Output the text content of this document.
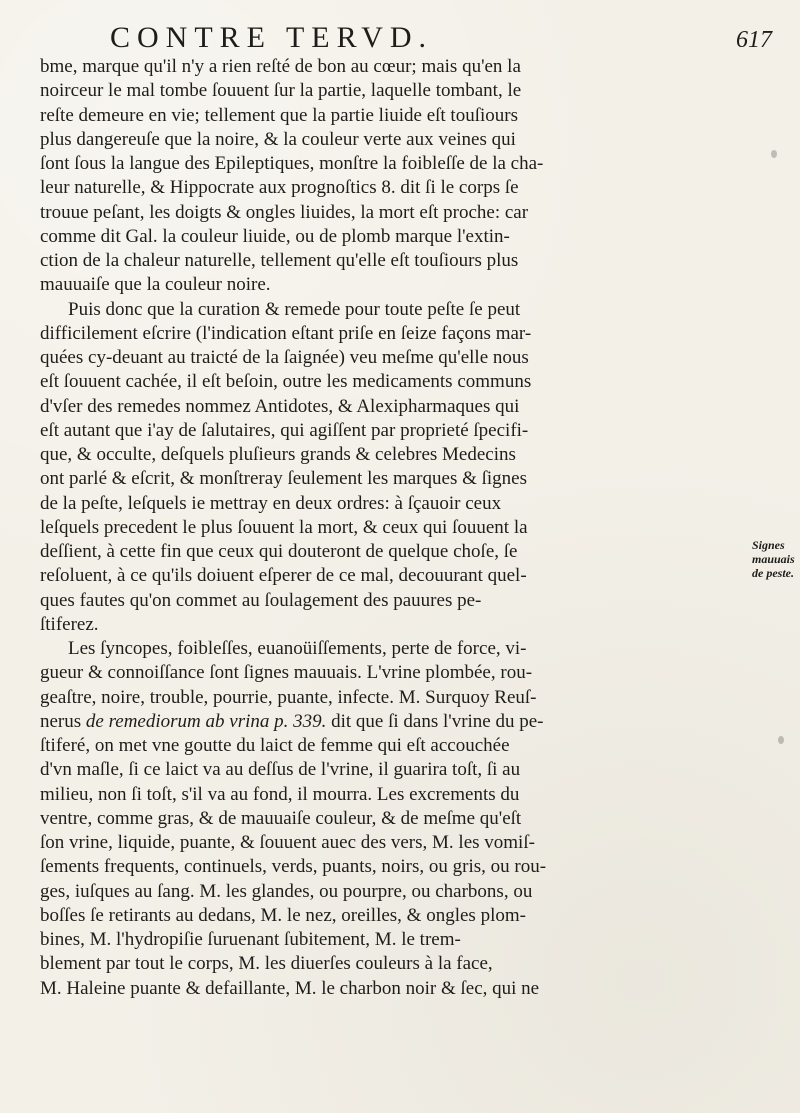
CONTRE TERVD.	617
bme, marque qu'il n'y a rien reſté de bon au cœur; mais qu'en la
noirceur le mal tombe ſouuent ſur la partie, laquelle tombant, le
reſte demeure en vie; tellement que la partie liuide eſt touſiours
plus dangereuſe que la noire, & la couleur verte aux veines qui
ſont ſous la langue des Epileptiques, monſtre la foibleſſe de la cha-
leur naturelle, & Hippocrate aux prognoſtics 8. dit ſi le corps ſe
trouue peſant, les doigts & ongles liuides, la mort eſt proche: car
comme dit Gal. la couleur liuide, ou de plomb marque l'extin-
ction de la chaleur naturelle, tellement qu'elle eſt touſiours plus
mauuaiſe que la couleur noire.
Puis donc que la curation & remede pour toute peſte ſe peut
difficilement eſcrire (l'indication eſtant priſe en ſeize façons mar-
quées cy-deuant au traicté de la ſaignée) veu meſme qu'elle nous
eſt ſouuent cachée, il eſt beſoin, outre les medicaments communs
d'vſer des remedes nommez Antidotes, & Alexipharmaques qui
eſt autant que i'ay de ſalutaires, qui agiſſent par proprieté ſpecifi-
que, & occulte, deſquels pluſieurs grands & celebres Medecins
ont parlé & eſcrit, & monſtreray ſeulement les marques & ſignes
de la peſte, leſquels ie mettray en deux ordres: à ſçauoir ceux
leſquels precedent le plus ſouuent la mort, & ceux qui ſouuent la
deſſient, à cette fin que ceux qui douteront de quelque choſe, ſe
reſoluent, à ce qu'ils doiuent eſperer de ce mal, decouurant quel-
ques fautes qu'on commet au ſoulagement des pauures pe-
ſtiferez.
Les ſyncopes, foibleſſes, euanoüiſſements, perte de force, vi-
gueur & connoiſſance ſont ſignes mauuais. L'vrine plombée, rou-
geaſtre, noire, trouble, pourrie, puante, infecte. M. Surquoy Reuſ-
nerus de remediorum ab vrina p. 339. dit que ſi dans l'vrine du pe-
ſtiferé, on met vne goutte du laict de femme qui eſt accouchée
d'vn maſle, ſi ce laict va au deſſus de l'vrine, il guarira toſt, ſi au
milieu, non ſi toſt, s'il va au fond, il mourra. Les excrements du
ventre, comme gras, & de mauuaiſe couleur, & de meſme qu'eſt
ſon vrine, liquide, puante, & ſouuent auec des vers, M. les vomiſ-
ſements frequents, continuels, verds, puants, noirs, ou gris, ou rou-
ges, iuſques au ſang. M. les glandes, ou pourpre, ou charbons, ou
boſſes ſe retirants au dedans, M. le nez, oreilles, & ongles plom-
bines, M. l'hydropiſie ſuruenant ſubitement, M. le trem-
blement par tout le corps, M. les diuerſes couleurs à la face,
M. Haleine puante & defaillante, M. le charbon noir & ſec, qui ne
Signes
mauuais
de peste.
